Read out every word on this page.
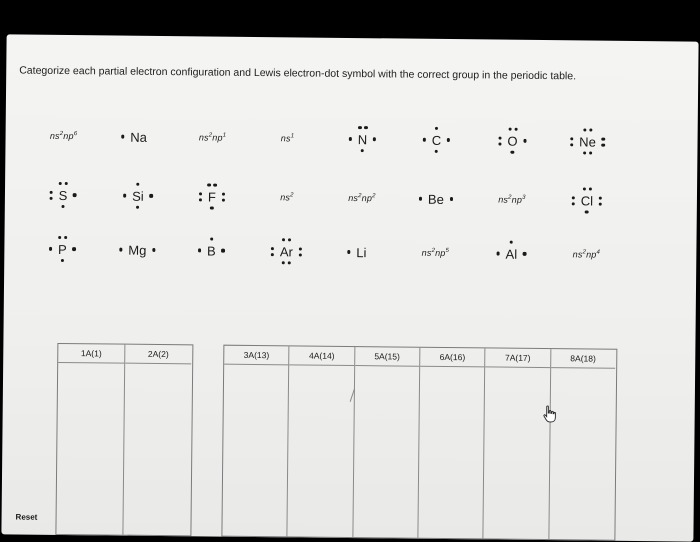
Categorize each partial electron configuration and Lewis electron-dot symbol with the correct group in the periodic table.
$ns^2np^6$	Na	$ns^2np^1$	$ns^1$	N	C	O	Ne
S	Si	F	$ns^2$	$ns^2np^2$	Be	$ns^2np^3$	Cl
P	Mg	B	Ar	Li	$ns^2np^5$	Al	$ns^2np^4$
1A(1)	2A(2)	3A(13)	4A(14)	5A(15)	6A(16)	7A(17)	8A(18)
Reset
